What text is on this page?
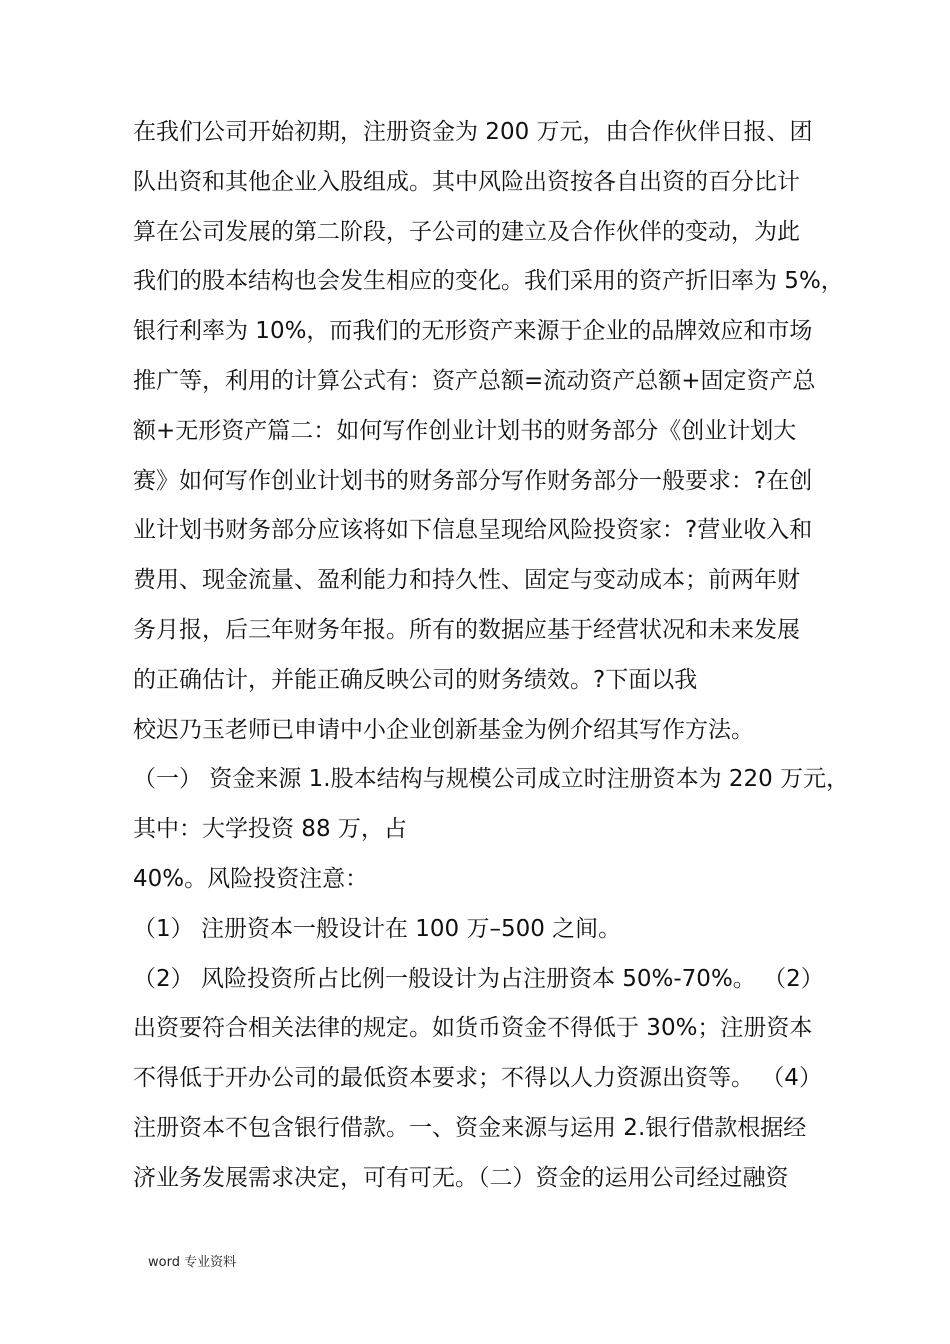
在我们公司开始初期，注册资金为 200 万元，由合作伙伴日报、团
队出资和其他企业入股组成。其中风险出资按各自出资的百分比计
算在公司发展的第二阶段，子公司的建立及合作伙伴的变动，为此
我们的股本结构也会发生相应的变化。我们采用的资产折旧率为 5%，
银行利率为 10%，而我们的无形资产来源于企业的品牌效应和市场
推广等，利用的计算公式有：资产总额=流动资产总额+固定资产总
额+无形资产篇二：如何写作创业计划书的财务部分《创业计划大
赛》如何写作创业计划书的财务部分写作财务部分一般要求：?在创
业计划书财务部分应该将如下信息呈现给风险投资家：?营业收入和
费用、现金流量、盈利能力和持久性、固定与变动成本；前两年财
务月报，后三年财务年报。所有的数据应基于经营状况和未来发展
的正确估计，并能正确反映公司的财务绩效。?下面以我
校迟乃玉老师已申请中小企业创新基金为例介绍其写作方法。
（一） 资金来源 1.股本结构与规模公司成立时注册资本为 220 万元，
其中：大学投资 88 万，占
40%。风险投资注意：
（1） 注册资本一般设计在 100 万–500 之间。
（2） 风险投资所占比例一般设计为占注册资本 50%-70%。 （2）
出资要符合相关法律的规定。如货币资金不得低于 30%；注册资本
不得低于开办公司的最低资本要求；不得以人力资源出资等。 （4）
注册资本不包含银行借款。一、资金来源与运用 2.银行借款根据经
济业务发展需求决定，可有可无。（二）资金的运用公司经过融资
word 专业资料
